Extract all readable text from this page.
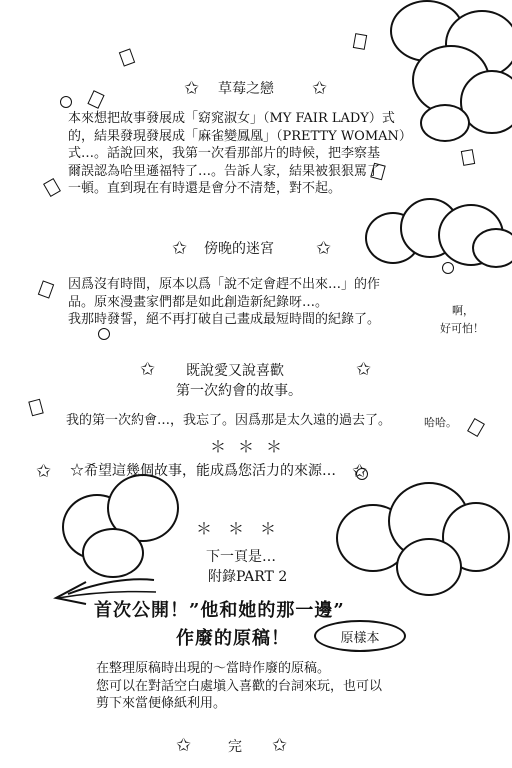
✩	✩
✩	✩
✩	✩
✩	✩
✩	✩
草莓之戀
本來想把故事發展成「窈窕淑女」（MY FAIR LADY）式
的，結果發現發展成「麻雀變鳳凰」（PRETTY WOMAN）
式…。話說回來，我第一次看那部片的時候，把李察基
爾誤認為哈里遜福特了…。告訴人家，結果被狠狠罵了
一頓。直到現在有時還是會分不清楚，對不起。
傍晚的迷宮
因爲沒有時間，原本以爲「說不定會趕不出來…」的作
品。原來漫畫家們都是如此創造新紀錄呀…。
我那時發誓，絕不再打破自己畫成最短時間的紀錄了。
啊，
好可怕！
既說愛又說喜歡
第一次約會的故事。
我的第一次約會…，我忘了。因爲那是太久遠的過去了。	哈哈。
＊ ＊ ＊
☆希望這幾個故事，能成爲您活力的來源…
＊ ＊ ＊
下一頁是…
附錄PART 2
首次公開！”他和她的那一邊”
作廢的原稿！	原樣本
在整理原稿時出現的～當時作廢的原稿。
您可以在對話空白處塡入喜歡的台詞來玩，也可以
剪下來當便條紙利用。
完
